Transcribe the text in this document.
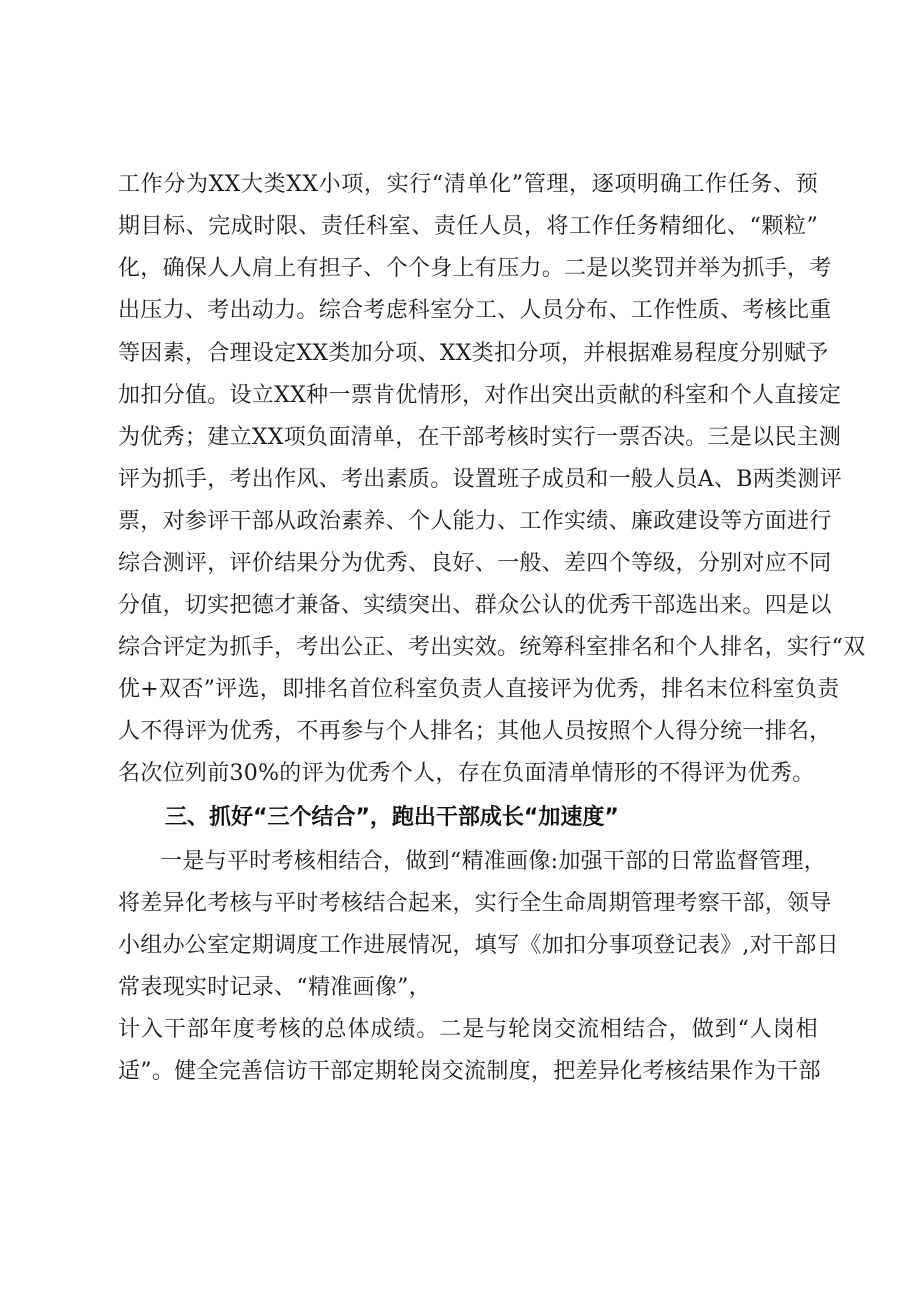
工作分为XX大类XX小项，实行“清单化”管理，逐项明确工作任务、预
期目标、完成时限、责任科室、责任人员，将工作任务精细化、“颗粒”
化，确保人人肩上有担子、个个身上有压力。二是以奖罚并举为抓手，考
出压力、考出动力。综合考虑科室分工、人员分布、工作性质、考核比重
等因素，合理设定XX类加分项、XX类扣分项，并根据难易程度分别赋予
加扣分值。设立XX种一票肯优情形，对作出突出贡献的科室和个人直接定
为优秀；建立XX项负面清单，在干部考核时实行一票否决。三是以民主测
评为抓手，考出作风、考出素质。设置班子成员和一般人员A、B两类测评
票，对参评干部从政治素养、个人能力、工作实绩、廉政建设等方面进行
综合测评，评价结果分为优秀、良好、一般、差四个等级，分别对应不同
分值，切实把德才兼备、实绩突出、群众公认的优秀干部选出来。四是以
综合评定为抓手，考出公正、考出实效。统筹科室排名和个人排名，实行“双
优+双否”评选，即排名首位科室负责人直接评为优秀，排名末位科室负责
人不得评为优秀，不再参与个人排名；其他人员按照个人得分统一排名，
名次位列前30%的评为优秀个人，存在负面清单情形的不得评为优秀。
三、抓好“三个结合”，跑出干部成长“加速度”
一是与平时考核相结合，做到“精准画像:加强干部的日常监督管理，
将差异化考核与平时考核结合起来，实行全生命周期管理考察干部，领导
小组办公室定期调度工作进展情况，填写《加扣分事项登记表》,对干部日
常表现实时记录、“精准画像”，
计入干部年度考核的总体成绩。二是与轮岗交流相结合，做到“人岗相
适”。健全完善信访干部定期轮岗交流制度，把差异化考核结果作为干部
